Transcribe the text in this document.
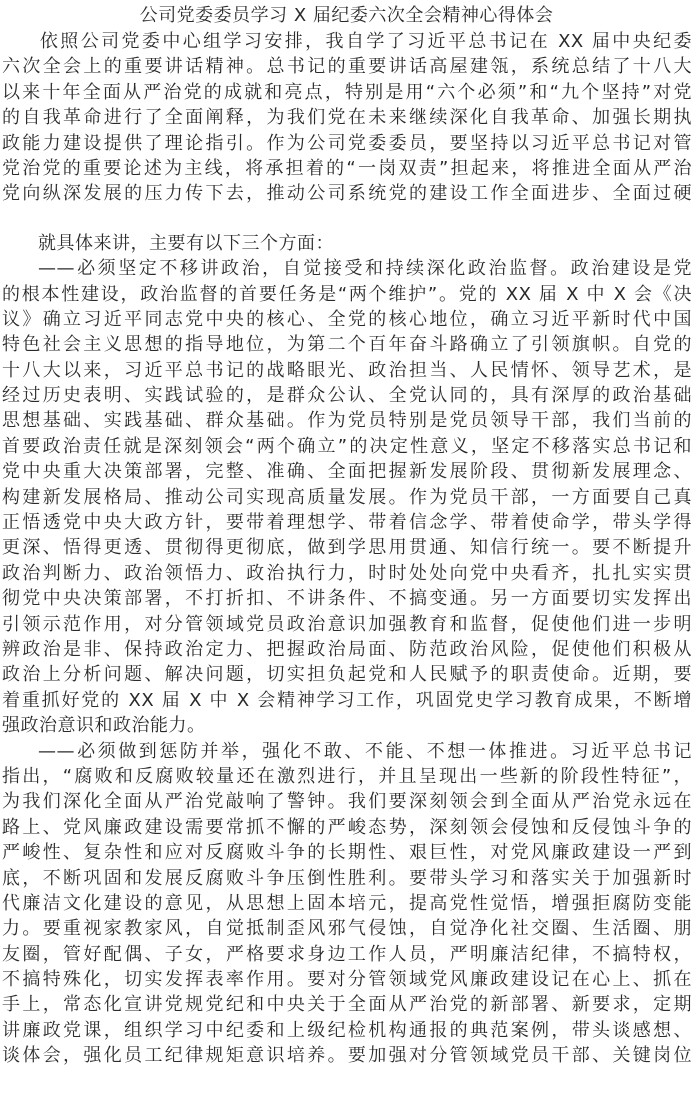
公司党委委员学习 X 届纪委六次全会精神心得体会
依照公司党委中心组学习安排，我自学了习近平总书记在 XX 届中央纪委
六次全会上的重要讲话精神。总书记的重要讲话高屋建瓴，系统总结了十八大
以来十年全面从严治党的成就和亮点，特别是用“六个必须”和“九个坚持”对党
的自我革命进行了全面阐释，为我们党在未来继续深化自我革命、加强长期执
政能力建设提供了理论指引。作为公司党委委员，要坚持以习近平总书记对管
党治党的重要论述为主线，将承担着的“一岗双责”担起来，将推进全面从严治
党向纵深发展的压力传下去，推动公司系统党的建设工作全面进步、全面过硬
就具体来讲，主要有以下三个方面：
——必须坚定不移讲政治，自觉接受和持续深化政治监督。政治建设是党
的根本性建设，政治监督的首要任务是“两个维护”。党的 XX 届 X 中 X 会《决
议》确立习近平同志党中央的核心、全党的核心地位，确立习近平新时代中国
特色社会主义思想的指导地位，为第二个百年奋斗路确立了引领旗帜。自党的
十八大以来，习近平总书记的战略眼光、政治担当、人民情怀、领导艺术，是
经过历史表明、实践试验的，是群众公认、全党认同的，具有深厚的政治基础
思想基础、实践基础、群众基础。作为党员特别是党员领导干部，我们当前的
首要政治责任就是深刻领会“两个确立”的决定性意义，坚定不移落实总书记和
党中央重大决策部署，完整、准确、全面把握新发展阶段、贯彻新发展理念、
构建新发展格局、推动公司实现高质量发展。作为党员干部，一方面要自己真
正悟透党中央大政方针，要带着理想学、带着信念学、带着使命学，带头学得
更深、悟得更透、贯彻得更彻底，做到学思用贯通、知信行统一。要不断提升
政治判断力、政治领悟力、政治执行力，时时处处向党中央看齐，扎扎实实贯
彻党中央决策部署，不打折扣、不讲条件、不搞变通。另一方面要切实发挥出
引领示范作用，对分管领域党员政治意识加强教育和监督，促使他们进一步明
辨政治是非、保持政治定力、把握政治局面、防范政治风险，促使他们积极从
政治上分析问题、解决问题，切实担负起党和人民赋予的职责使命。近期，要
着重抓好党的 XX 届 X 中 X 会精神学习工作，巩固党史学习教育成果，不断增
强政治意识和政治能力。
——必须做到惩防并举，强化不敢、不能、不想一体推进。习近平总书记
指出，“腐败和反腐败较量还在激烈进行，并且呈现出一些新的阶段性特征”，
为我们深化全面从严治党敲响了警钟。我们要深刻领会到全面从严治党永远在
路上、党风廉政建设需要常抓不懈的严峻态势，深刻领会侵蚀和反侵蚀斗争的
严峻性、复杂性和应对反腐败斗争的长期性、艰巨性，对党风廉政建设一严到
底，不断巩固和发展反腐败斗争压倒性胜利。要带头学习和落实关于加强新时
代廉洁文化建设的意见，从思想上固本培元，提高党性觉悟，增强拒腐防变能
力。要重视家教家风，自觉抵制歪风邪气侵蚀，自觉净化社交圈、生活圈、朋
友圈，管好配偶、子女，严格要求身边工作人员，严明廉洁纪律，不搞特权，
不搞特殊化，切实发挥表率作用。要对分管领域党风廉政建设记在心上、抓在
手上，常态化宣讲党规党纪和中央关于全面从严治党的新部署、新要求，定期
讲廉政党课，组织学习中纪委和上级纪检机构通报的典范案例，带头谈感想、
谈体会，强化员工纪律规矩意识培养。要加强对分管领域党员干部、关键岗位
